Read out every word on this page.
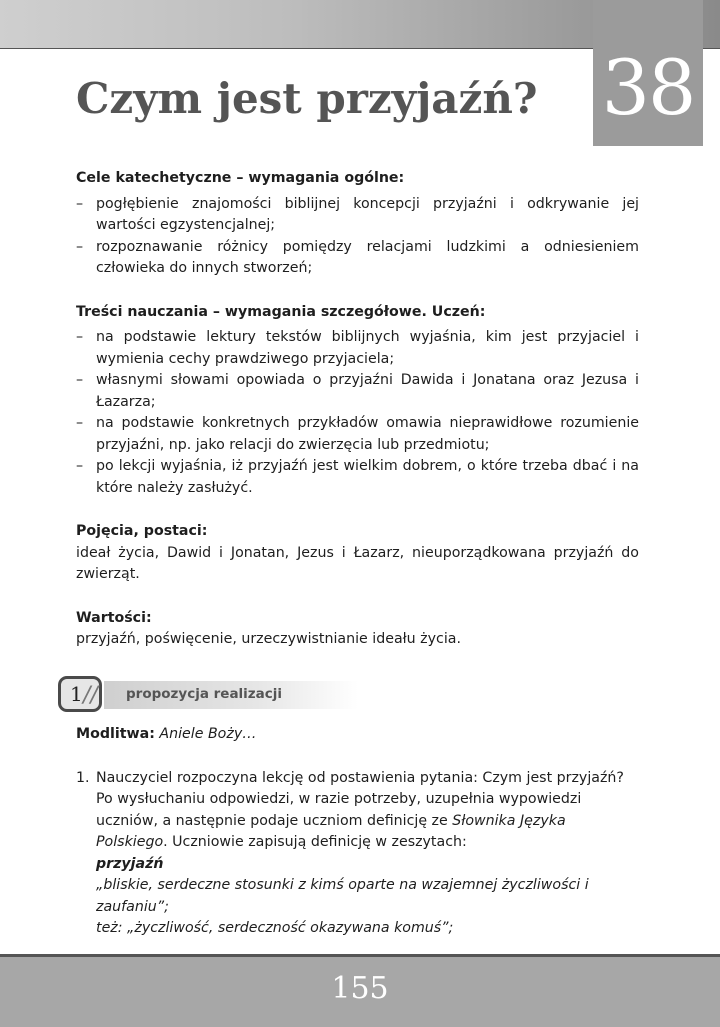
38
Czym jest przyjaźń?

Cele katechetyczne – wymagania ogólne:

– pogłębienie znajomości biblijnej koncepcji przyjaźni i odkrywanie jej wartości egzystencjalnej;
– rozpoznawanie różnicy pomiędzy relacjami ludzkimi a odniesieniem człowieka do innych stworzeń;

Treści nauczania – wymagania szczegółowe. Uczeń:

– na podstawie lektury tekstów biblijnych wyjaśnia, kim jest przyjaciel i wymienia cechy prawdziwego przyjaciela;
– własnymi słowami opowiada o przyjaźni Dawida i Jonatana oraz Jezusa i Łazarza;
– na podstawie konkretnych przykładów omawia nieprawidłowe rozumienie przyjaźni, np. jako relacji do zwierzęcia lub przedmiotu;
– po lekcji wyjaśnia, iż przyjaźń jest wielkim dobrem, o które trzeba dbać i na które należy zasłużyć.

Pojęcia, postaci:

ideał życia, Dawid i Jonatan, Jezus i Łazarz, nieuporządkowana przyjaźń do zwierząt.

Wartości:

przyjaźń, poświęcenie, urzeczywistnianie ideału życia.

1 // propozycja realizacji

Modlitwa: Aniele Boży…

1. Nauczyciel rozpoczyna lekcję od postawienia pytania: Czym jest przyjaźń? Po wysłuchaniu odpowiedzi, w razie potrzeby, uzupełnia wypowiedzi uczniów, a następnie podaje uczniom definicję ze Słownika Języka Polskiego. Uczniowie zapisują definicję w zeszytach:
przyjaźń
„bliskie, serdeczne stosunki z kimś oparte na wzajemnej życzliwości i zaufaniu”;
też: „życzliwość, serdeczność okazywana komuś”;
155
